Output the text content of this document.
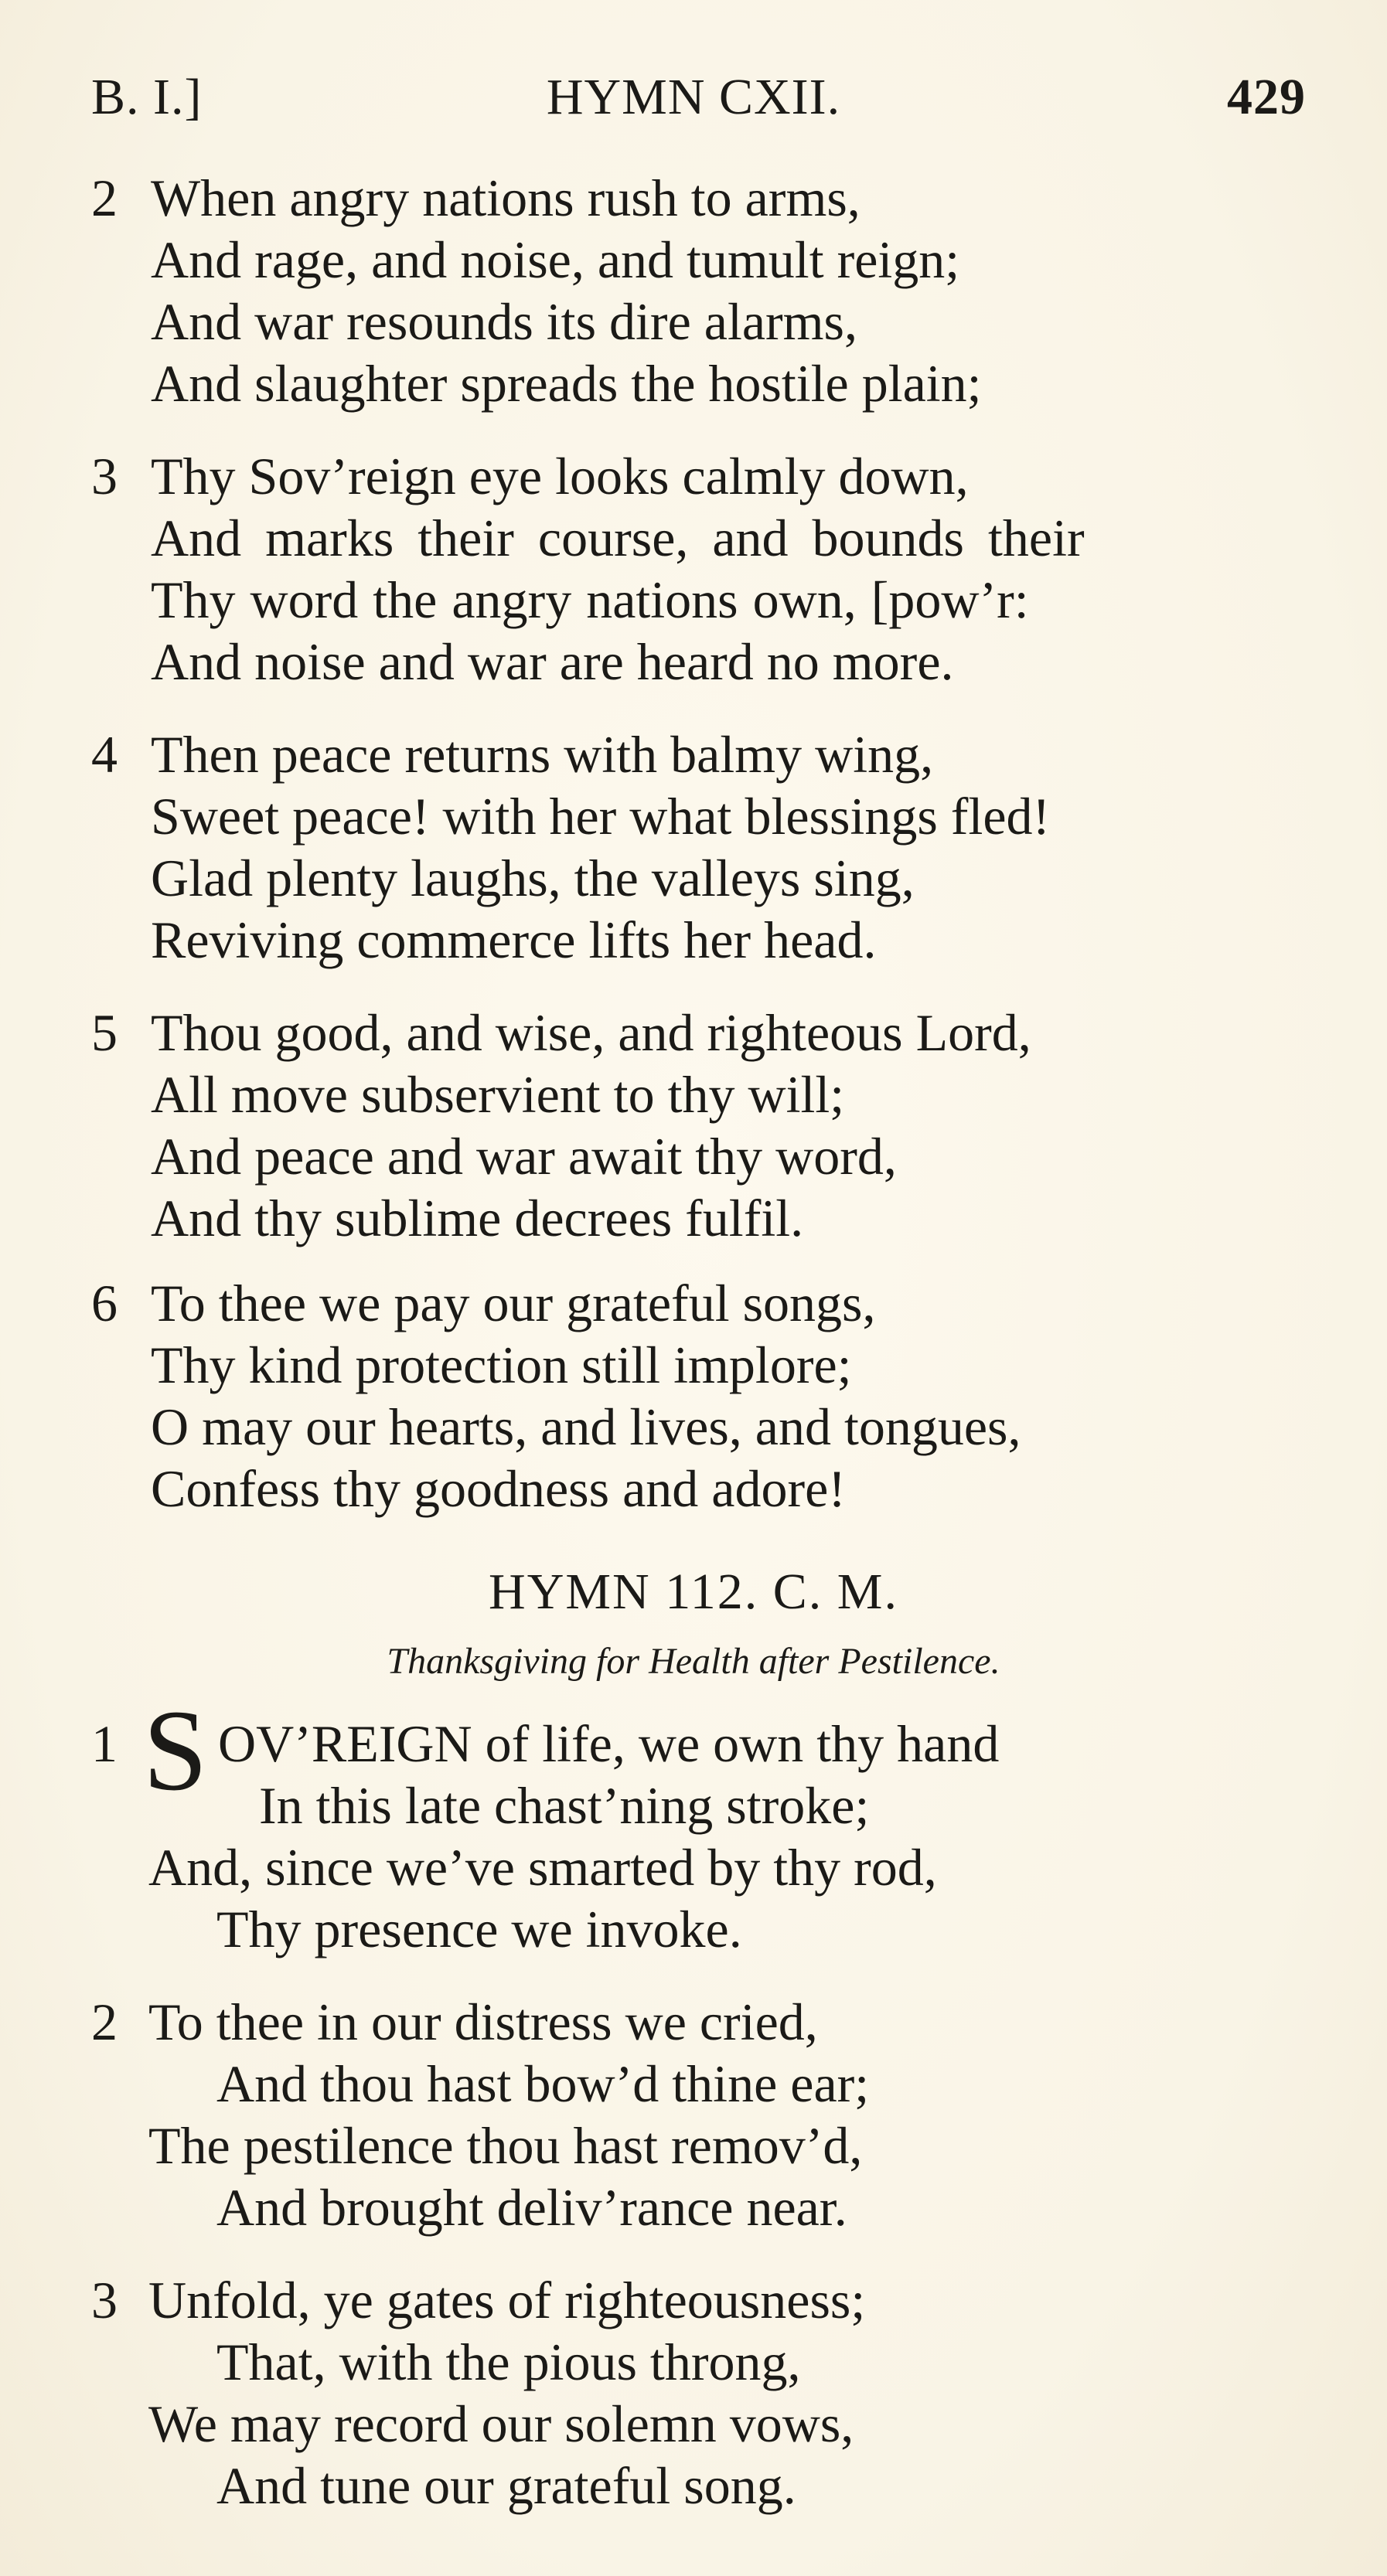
B. I.]	HYMN CXII.	429
2 When angry nations rush to arms,
And rage, and noise, and tumult reign;
And war resounds its dire alarms,
And slaughter spreads the hostile plain;
3 Thy Sov’reign eye looks calmly down,
And marks their course, and bounds their
Thy word the angry nations own, [pow’r:
And noise and war are heard no more.
4 Then peace returns with balmy wing,
Sweet peace! with her what blessings fled!
Glad plenty laughs, the valleys sing,
Reviving commerce lifts her head.
5 Thou good, and wise, and righteous Lord,
All move subservient to thy will;
And peace and war await thy word,
And thy sublime decrees fulfil.
6 To thee we pay our grateful songs,
Thy kind protection still implore;
O may our hearts, and lives, and tongues,
Confess thy goodness and adore!
HYMN 112. C. M.
Thanksgiving for Health after Pestilence.
1 S OV’REIGN of life, we own thy hand
In this late chast’ning stroke;
And, since we’ve smarted by thy rod,
Thy presence we invoke.
2 To thee in our distress we cried,
And thou hast bow’d thine ear;
The pestilence thou hast remov’d,
And brought deliv’rance near.
3 Unfold, ye gates of righteousness;
That, with the pious throng,
We may record our solemn vows,
And tune our grateful song.
